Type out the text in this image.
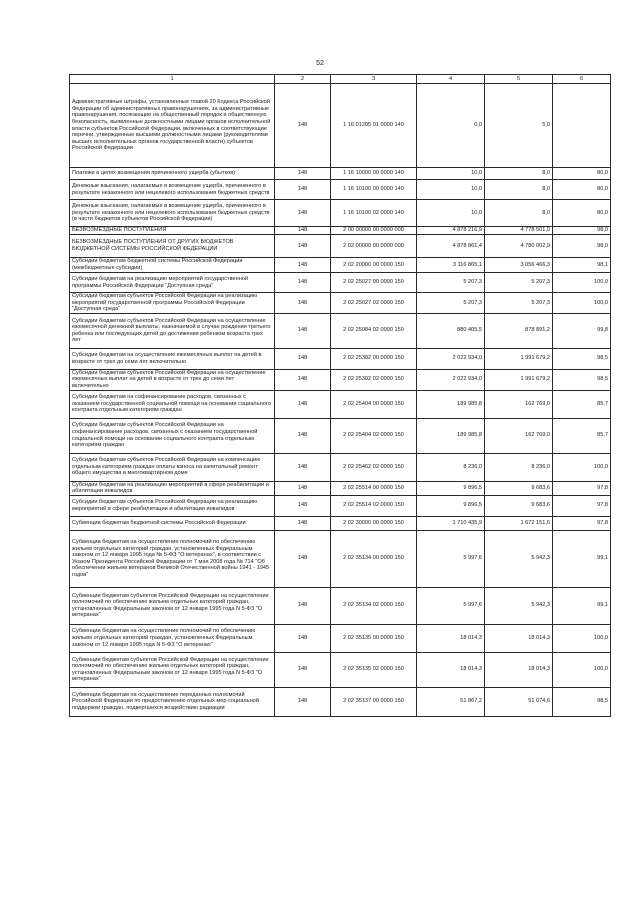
52
1	2	3	4	5	6
Административные штрафы, установленные главой 20 Кодекса Российской Федерации об административных правонарушениях, за административные правонарушения, посягающие на общественный порядок и общественную безопасность, выявленные должностными лицами органов исполнительной власти субъектов Российской Федерации, включенных в соответствующие перечни, утвержденные высшими должностными лицами (руководителями высших исполнительных органов государственной власти) субъектов Российской Федерации	148	1 16 01205 01 0000 140	0,0	5,0	
Платежи в целях возмещения причиненного ущерба (убытков)	148	1 16 10000 00 0000 140	10,0	8,0	80,0
Денежные взыскания, налагаемые в возмещение ущерба, причиненного в результате незаконного или нецелевого использования бюджетных средств	148	1 16 10100 00 0000 140	10,0	8,0	80,0
Денежные взыскания, налагаемые в возмещение ущерба, причиненного в результате незаконного или нецелевого использования бюджетных средств (в части бюджетов субъектов Российской Федерации)	148	1 16 10100 02 0000 140	10,0	8,0	80,0
БЕЗВОЗМЕЗДНЫЕ ПОСТУПЛЕНИЯ	148	2 00 00000 00 0000 000	4 878 216,9	4 778 501,0	98,0
БЕЗВОЗМЕЗДНЫЕ ПОСТУПЛЕНИЯ ОТ ДРУГИХ БЮДЖЕТОВ БЮДЖЕТНОЙ СИСТЕМЫ РОССИЙСКОЙ ФЕДЕРАЦИИ	148	2 02 00000 00 0000 000	4 878 861,4	4 780 002,9	98,0
Субсидии бюджетам бюджетной системы Российской Федерации (межбюджетные субсидии)	148	2 02 20000 00 0000 150	3 116 865,1	3 056 466,3	98,1
Субсидии бюджетам на реализацию мероприятий государственной программы Российской Федерации "Доступная среда"	148	2 02 25027 00 0000 150	5 207,3	5 207,3	100,0
Субсидии бюджетам субъектов Российской Федерации на реализацию мероприятий государственной программы Российской Федерации "Доступная среда"	148	2 02 25027 02 0000 150	5 207,3	5 207,3	100,0
Субсидии бюджетам субъектов Российской Федерации на осуществление ежемесячной денежной выплаты, назначаемой в случае рождения третьего ребенка или последующих детей до достижения ребенком возраста трех лет	148	2 02 25084 02 0000 150	880 405,5	878 891,2	99,8
Субсидии бюджетам на осуществление ежемесячных выплат на детей в возрасте от трех до семи лет включительно	148	2 02 25302 00 0000 150	2 022 934,0	1 991 679,2	98,5
Субсидии бюджетам субъектов Российской Федерации на осуществление ежемесячных выплат на детей в возрасте от трех до семи лет включительно	148	2 02 25302 02 0000 150	2 022 934,0	1 991 679,2	98,5
Субсидии бюджетам на софинансирование расходов, связанных с оказанием государственной социальной помощи на основании социального контракта отдельным категориям граждан	148	2 02 25404 00 0000 150	189 985,8	162 769,0	85,7
Субсидии бюджетам субъектов Российской Федерации на софинансирование расходов, связанных с оказанием государственной социальной помощи на основании социального контракта отдельным категориям граждан	148	2 02 25404 02 0000 150	189 985,8	162 769,0	85,7
Субсидии бюджетам субъектов Российской Федерации на компенсацию отдельным категориям граждан оплаты взноса на капитальный ремонт общего имущества в многоквартирном доме	148	2 02 25462 02 0000 150	8 236,0	8 236,0	100,0
Субсидии бюджетам на реализацию мероприятий в сфере реабилитации и абилитации инвалидов	148	2 02 25514 00 0000 150	9 896,5	9 683,6	97,8
Субсидии бюджетам субъектов Российской Федерации на реализацию мероприятий в сфере реабилитации и абилитации инвалидов	148	2 02 25514 02 0000 150	9 896,5	9 683,6	97,8
Субвенции бюджетам бюджетной системы Российской Федерации	148	2 02 30000 00 0000 150	1 710 435,9	1 672 151,6	97,8
Субвенции бюджетам на осуществление полномочий по обеспечению жильем отдельных категорий граждан, установленных Федеральным законом от 12 января 1995 года № 5-ФЗ "О ветеранах", в соответствии с Указом Президента Российской Федерации от 7 мая 2008 года № 714 "Об обеспечении жильем ветеранов Великой Отечественной войны 1941 - 1945 годов"	148	2 02 35134 00 0000 150	5 997,6	5 942,3	99,1
Субвенции бюджетам субъектов Российской Федерации на осуществление полномочий по обеспечению жильем отдельных категорий граждан, установленных Федеральным законом от 12 января 1995 года N 5-ФЗ "О ветеранах"	148	2 02 35134 02 0000 150	5 997,6	5 942,3	99,1
Субвенции бюджетам на осуществление полномочий по обеспечению жильем отдельных категорий граждан, установленных Федеральным законом от 12 января 1995 года N 5-ФЗ "О ветеранах"	148	2 02 35135 00 0000 150	18 014,3	18 014,3	100,0
Субвенции бюджетам субъектов Российской Федерации на осуществление полномочий по обеспечению жильем отдельных категорий граждан, установленных Федеральным законом от 12 января 1995 года N 5-ФЗ "О ветеранах"	148	2 02 35135 02 0000 150	18 014,3	18 014,3	100,0
Субвенции бюджетам на осуществление переданных полномочий Российской Федерации по предоставлению отдельных мер социальной поддержки граждан, подвергшихся воздействию радиации	148	2 02 35137 00 0000 150	51 867,2	51 074,6	98,5
